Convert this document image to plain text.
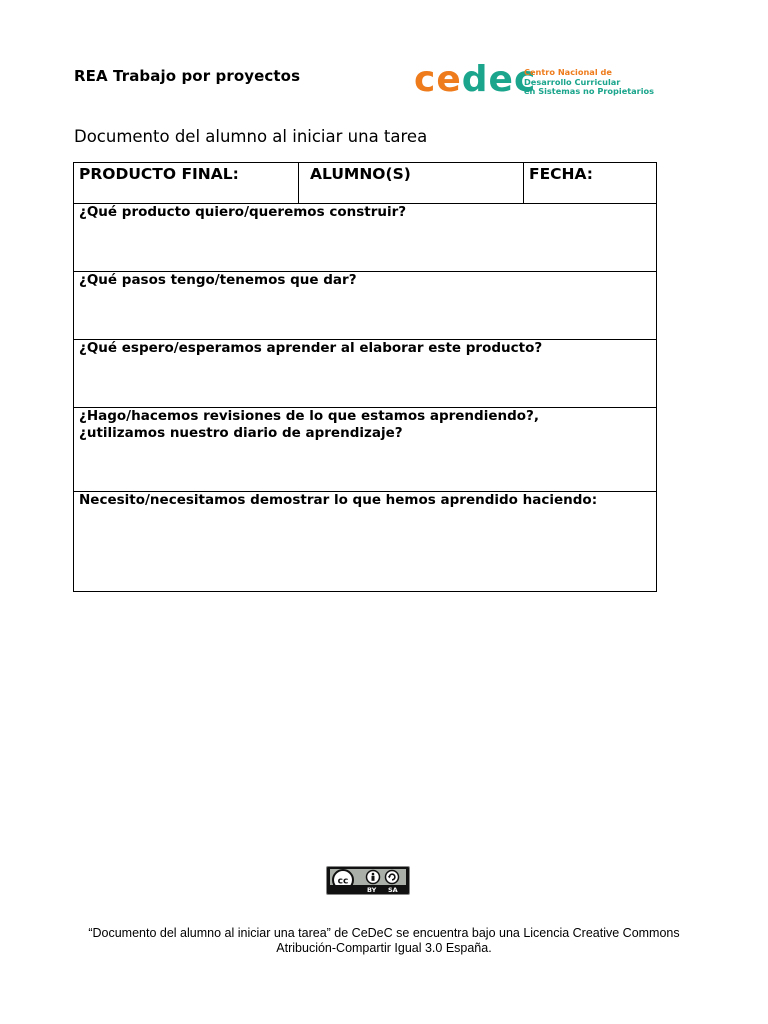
REA Trabajo por proyectos	cedec
Centro Nacional de
Desarrollo Curricular
en Sistemas no Propietarios
Documento del alumno al iniciar una tarea
PRODUCTO FINAL:	ALUMNO(S)	FECHA:
¿Qué producto quiero/queremos construir?
¿Qué pasos tengo/tenemos que dar?
¿Qué espero/esperamos aprender al elaborar este producto?
¿Hago/hacemos revisiones de lo que estamos aprendiendo?, ¿utilizamos nuestro diario de aprendizaje?
Necesito/necesitamos demostrar lo que hemos aprendido haciendo:
cc
BY SA
“Documento del alumno al iniciar una tarea” de CeDeC se encuentra bajo una Licencia Creative Commons
Atribución-Compartir Igual 3.0 España.
